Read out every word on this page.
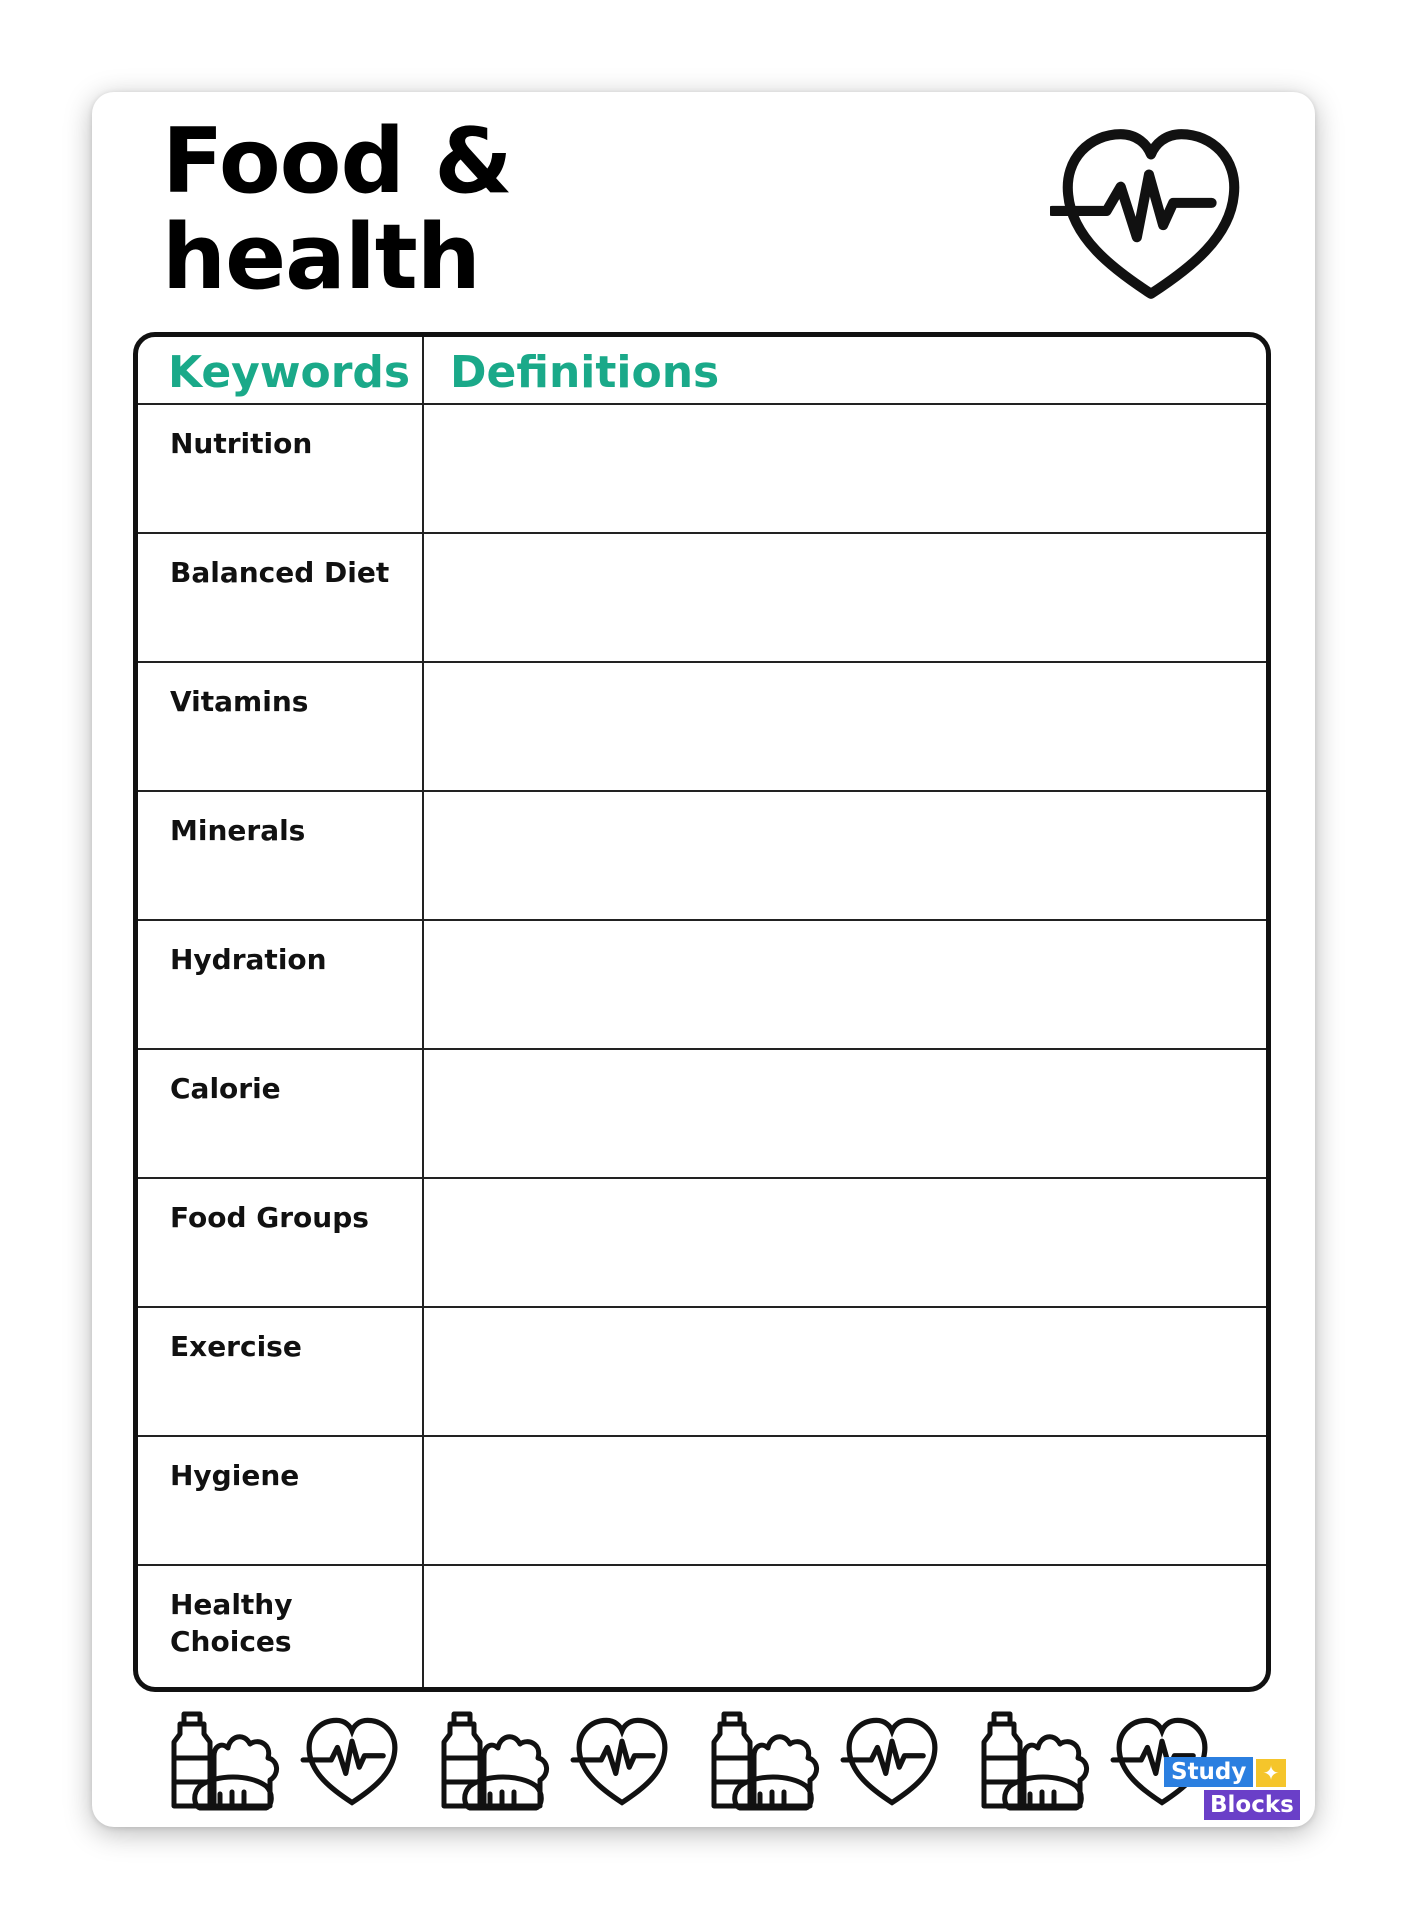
Food &
health
Keywords Definitions
Nutrition
Balanced Diet
Vitamins
Minerals
Hydration
Calorie
Food Groups
Exercise
Hygiene
Healthy Choices
Study ✦
Blocks
